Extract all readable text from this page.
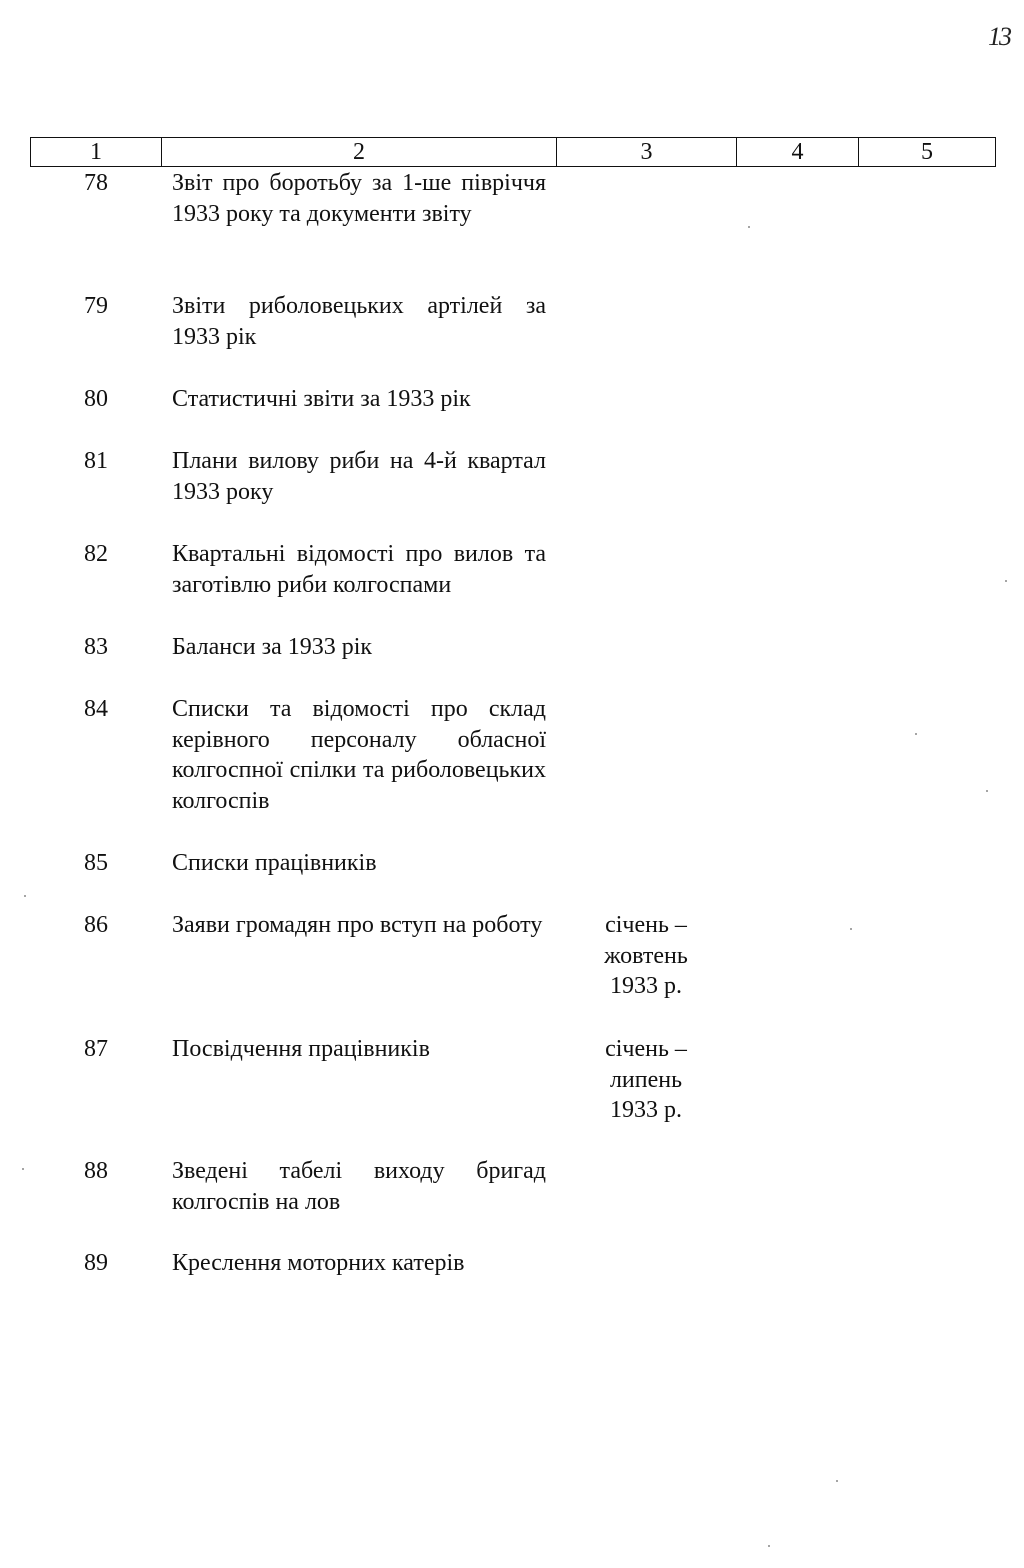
13
1	2	3	4	5
78	Звіт про боротьбу за 1-ше півріччя 1933 року та документи звіту
79	Звіти риболовецьких артілей за 1933 рік
80	Статистичні звіти за 1933 рік
81	Плани вилову риби на 4-й квартал 1933 року
82	Квартальні відомості про вилов та заготівлю риби колгоспами
83	Баланси за 1933 рік
84	Списки та відомості про склад керівного персоналу обласної колгоспної спілки та риболовецьких колгоспів
85	Списки працівників
86	Заяви громадян про вступ на роботу	січень –
жовтень
1933 р.
87	Посвідчення працівників	січень –
липень
1933 р.
88	Зведені табелі виходу бригад колгоспів на лов
89	Креслення моторних катерів
